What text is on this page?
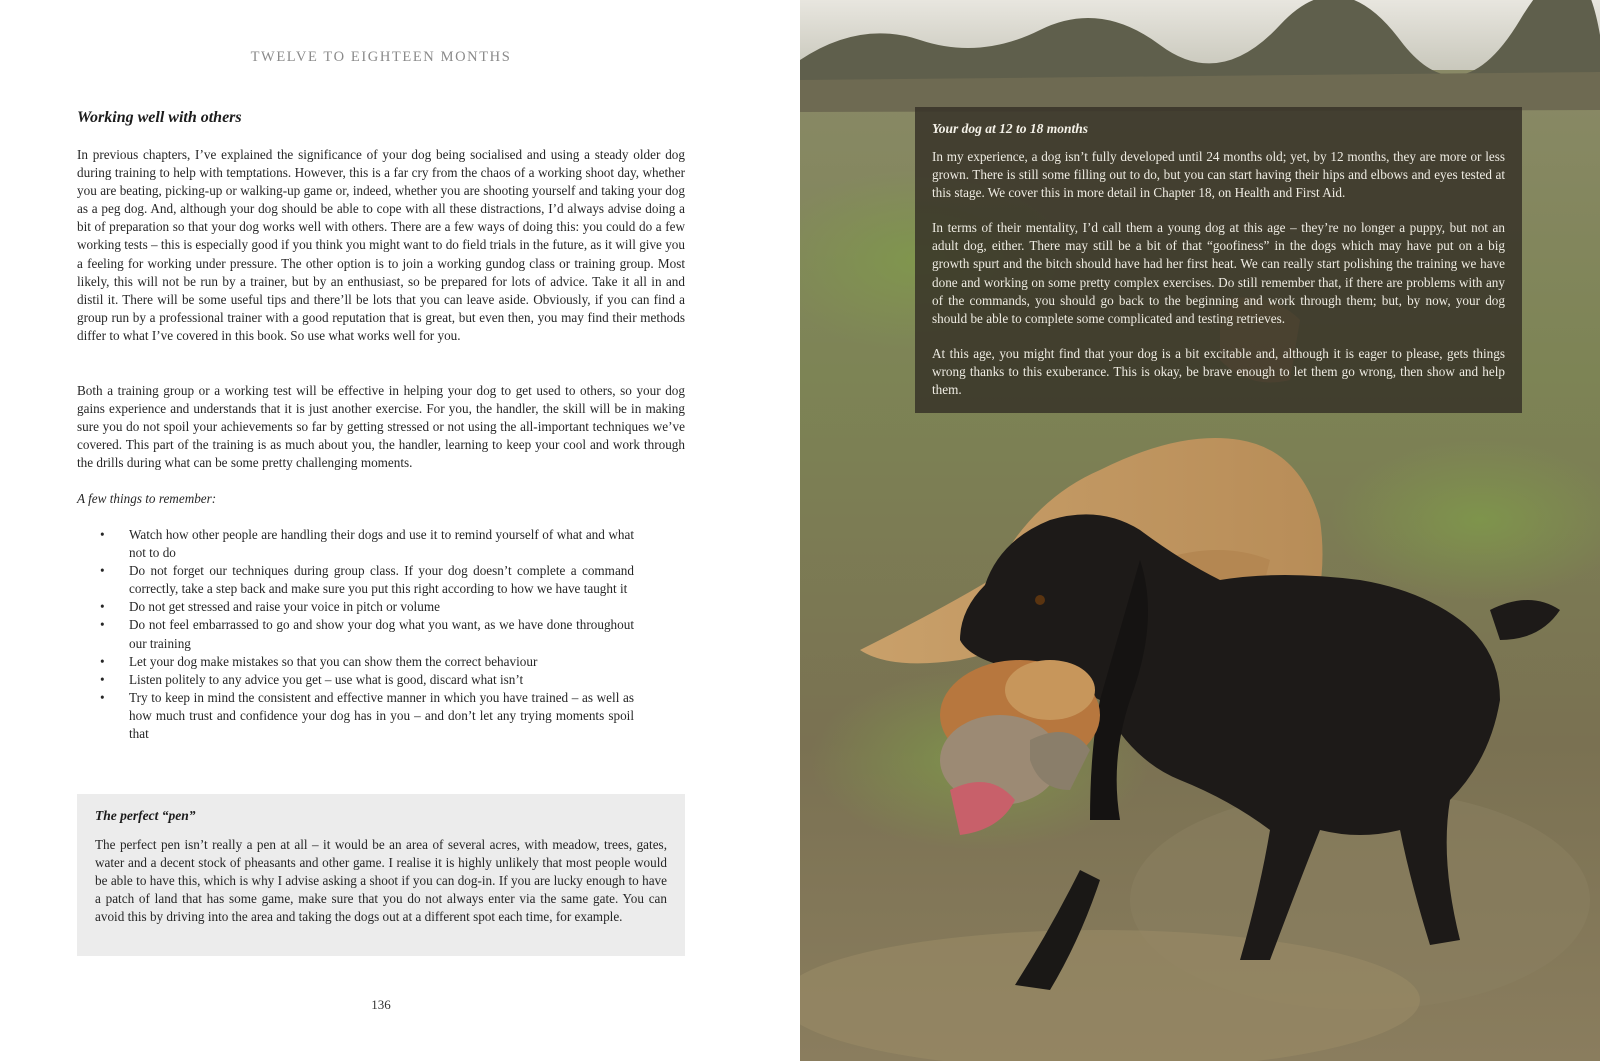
TWELVE TO EIGHTEEN MONTHS
Working well with others
In previous chapters, I’ve explained the significance of your dog being socialised and using a steady older dog during training to help with temptations. However, this is a far cry from the chaos of a working shoot day, whether you are beating, picking-up or walking-up game or, indeed, whether you are shooting yourself and taking your dog as a peg dog. And, although your dog should be able to cope with all these distractions, I’d always advise doing a bit of preparation so that your dog works well with others. There are a few ways of doing this: you could do a few working tests – this is especially good if you think you might want to do field trials in the future, as it will give you a feeling for working under pressure. The other option is to join a working gundog class or training group. Most likely, this will not be run by a trainer, but by an enthusiast, so be prepared for lots of advice. Take it all in and distil it. There will be some useful tips and there’ll be lots that you can leave aside. Obviously, if you can find a group run by a professional trainer with a good reputation that is great, but even then, you may find their methods differ to what I’ve covered in this book. So use what works well for you.
Both a training group or a working test will be effective in helping your dog to get used to others, so your dog gains experience and understands that it is just another exercise. For you, the handler, the skill will be in making sure you do not spoil your achievements so far by getting stressed or not using the all-important techniques we’ve covered. This part of the training is as much about you, the handler, learning to keep your cool and work through the drills during what can be some pretty challenging moments.
A few things to remember:
• Watch how other people are handling their dogs and use it to remind yourself of what and what not to do
• Do not forget our techniques during group class. If your dog doesn’t complete a command correctly, take a step back and make sure you put this right according to how we have taught it
• Do not get stressed and raise your voice in pitch or volume
• Do not feel embarrassed to go and show your dog what you want, as we have done throughout our training
• Let your dog make mistakes so that you can show them the correct behaviour
• Listen politely to any advice you get – use what is good, discard what isn’t
• Try to keep in mind the consistent and effective manner in which you have trained – as well as how much trust and confidence your dog has in you – and don’t let any trying moments spoil that
The perfect “pen”

The perfect pen isn’t really a pen at all – it would be an area of several acres, with meadow, trees, gates, water and a decent stock of pheasants and other game. I realise it is highly unlikely that most people would be able to have this, which is why I advise asking a shoot if you can dog-in. If you are lucky enough to have a patch of land that has some game, make sure that you do not always enter via the same gate. You can avoid this by driving into the area and taking the dogs out at a different spot each time, for example.

136
Your dog at 12 to 18 months

In my experience, a dog isn’t fully developed until 24 months old; yet, by 12 months, they are more or less grown. There is still some filling out to do, but you can start having their hips and elbows and eyes tested at this stage. We cover this in more detail in Chapter 18, on Health and First Aid.

In terms of their mentality, I’d call them a young dog at this age – they’re no longer a puppy, but not an adult dog, either. There may still be a bit of that “goofiness” in the dogs which may have put on a big growth spurt and the bitch should have had her first heat. We can really start polishing the training we have done and working on some pretty complex exercises. Do still remember that, if there are problems with any of the commands, you should go back to the beginning and work through them; but, by now, your dog should be able to complete some complicated and testing retrieves.

At this age, you might find that your dog is a bit excitable and, although it is eager to please, gets things wrong thanks to this exuberance. This is okay, be brave enough to let them go wrong, then show and help them.
